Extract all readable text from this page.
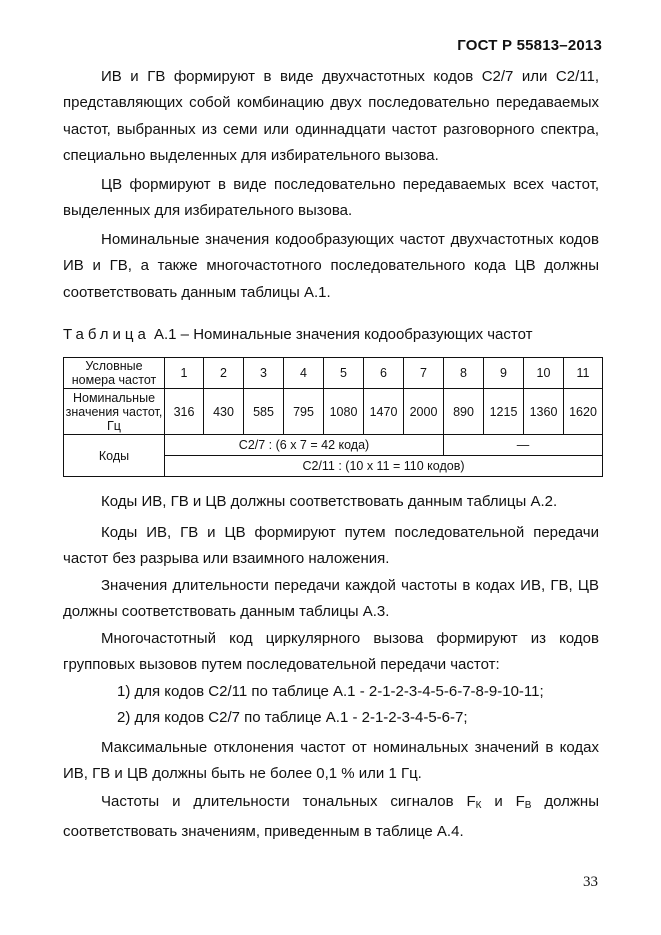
ГОСТ Р 55813–2013

ИВ и ГВ формируют в виде двухчастотных кодов С2/7 или С2/11, представляющих собой комбинацию двух последовательно передаваемых частот, выбранных из семи или одиннадцати частот разговорного спектра, специально выделенных для избирательного вызова.

ЦВ формируют в виде последовательно передаваемых всех частот, выделенных для избирательного вызова.

Номинальные значения кодообразующих частот двухчастотных кодов ИВ и ГВ, а также многочастотного последовательного кода ЦВ должны соответствовать данным таблицы А.1.

Таблица А.1 – Номинальные значения кодообразующих частот
Условные номера частот	1	2	3	4	5	6	7	8	9	10	11
Номинальные значения частот, Гц	316	430	585	795	1080	1470	2000	890	1215	1360	1620
Коды	С2/7 : (6 х 7 = 42 кода)							—			
	С2/11 : (10 х 11 = 110 кодов)										

Коды ИВ, ГВ и ЦВ должны соответствовать данным таблицы А.2.

Коды ИВ, ГВ и ЦВ формируют путем последовательной передачи частот без разрыва или взаимного наложения.

Значения длительности передачи каждой частоты в кодах ИВ, ГВ, ЦВ должны соответствовать данным таблицы А.3.

Многочастотный код циркулярного вызова формируют из кодов групповых вызовов путем последовательной передачи частот:

1) для кодов С2/11 по таблице А.1 - 2-1-2-3-4-5-6-7-8-9-10-11;
2) для кодов С2/7 по таблице А.1 - 2-1-2-3-4-5-6-7;

Максимальные отклонения частот от номинальных значений в кодах ИВ, ГВ и ЦВ должны быть не более 0,1 % или 1 Гц.

Частоты и длительности тональных сигналов $F_К$ и $F_В$ должны соответствовать значениям, приведенным в таблице А.4.

33
